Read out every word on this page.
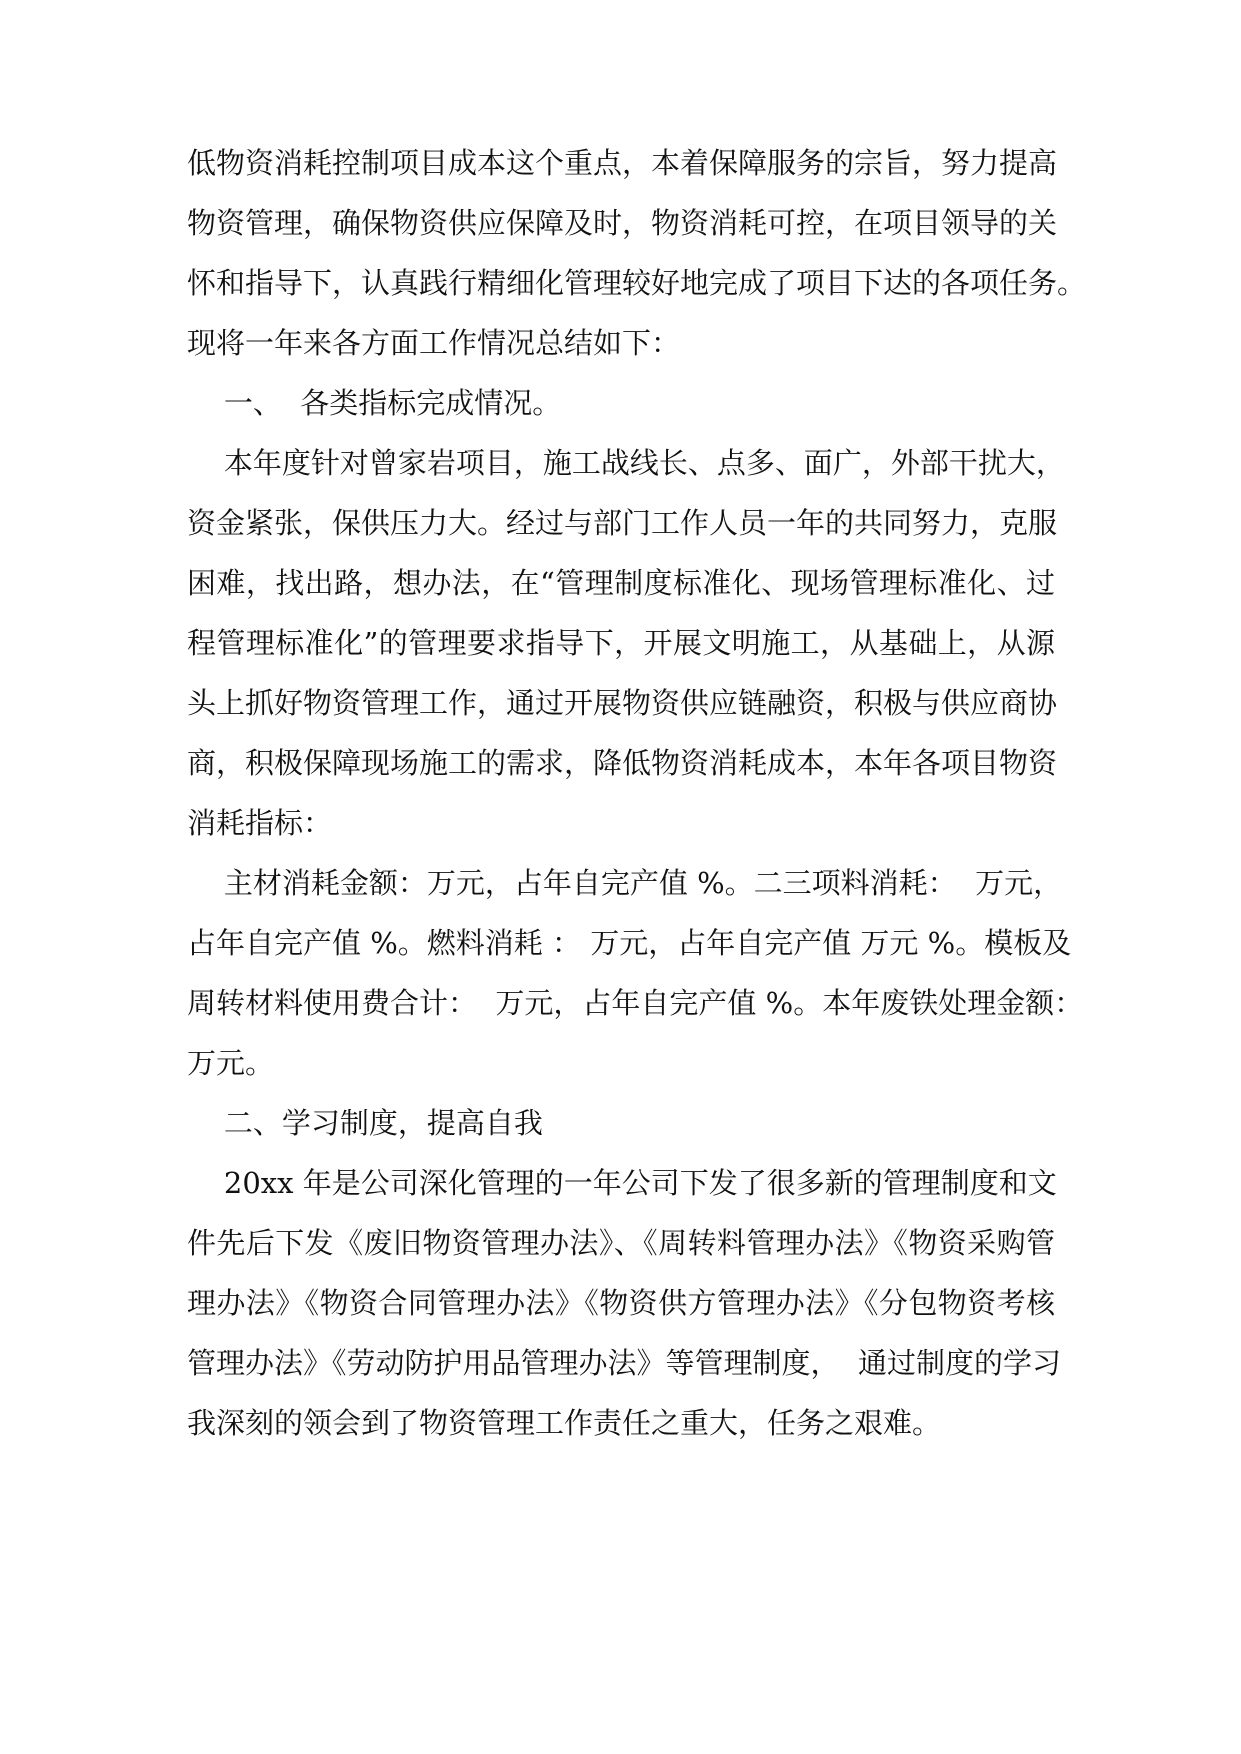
低物资消耗控制项目成本这个重点，本着保障服务的宗旨，努力提高
物资管理，确保物资供应保障及时，物资消耗可控，在项目领导的关
怀和指导下，认真践行精细化管理较好地完成了项目下达的各项任务。
现将一年来各方面工作情况总结如下：
一、  各类指标完成情况。
本年度针对曾家岩项目，施工战线长、点多、面广，外部干扰大，
资金紧张，保供压力大。经过与部门工作人员一年的共同努力，克服
困难，找出路，想办法，在“管理制度标准化、现场管理标准化、过
程管理标准化”的管理要求指导下，开展文明施工，从基础上，从源
头上抓好物资管理工作，通过开展物资供应链融资，积极与供应商协
商，积极保障现场施工的需求，降低物资消耗成本，本年各项目物资
消耗指标：
主材消耗金额：万元，占年自完产值 %。二三项料消耗：  万元，
占年自完产值 %。燃料消耗 ： 万元，占年自完产值 万元 %。模板及
周转材料使用费合计：  万元，占年自完产值 %。本年废铁处理金额：
万元。
二、学习制度，提高自我
20xx 年是公司深化管理的一年公司下发了很多新的管理制度和文
件先后下发《废旧物资管理办法》、《周转料管理办法》《物资采购管
理办法》《物资合同管理办法》《物资供方管理办法》《分包物资考核
管理办法》《劳动防护用品管理办法》等管理制度，  通过制度的学习
我深刻的领会到了物资管理工作责任之重大，任务之艰难。
